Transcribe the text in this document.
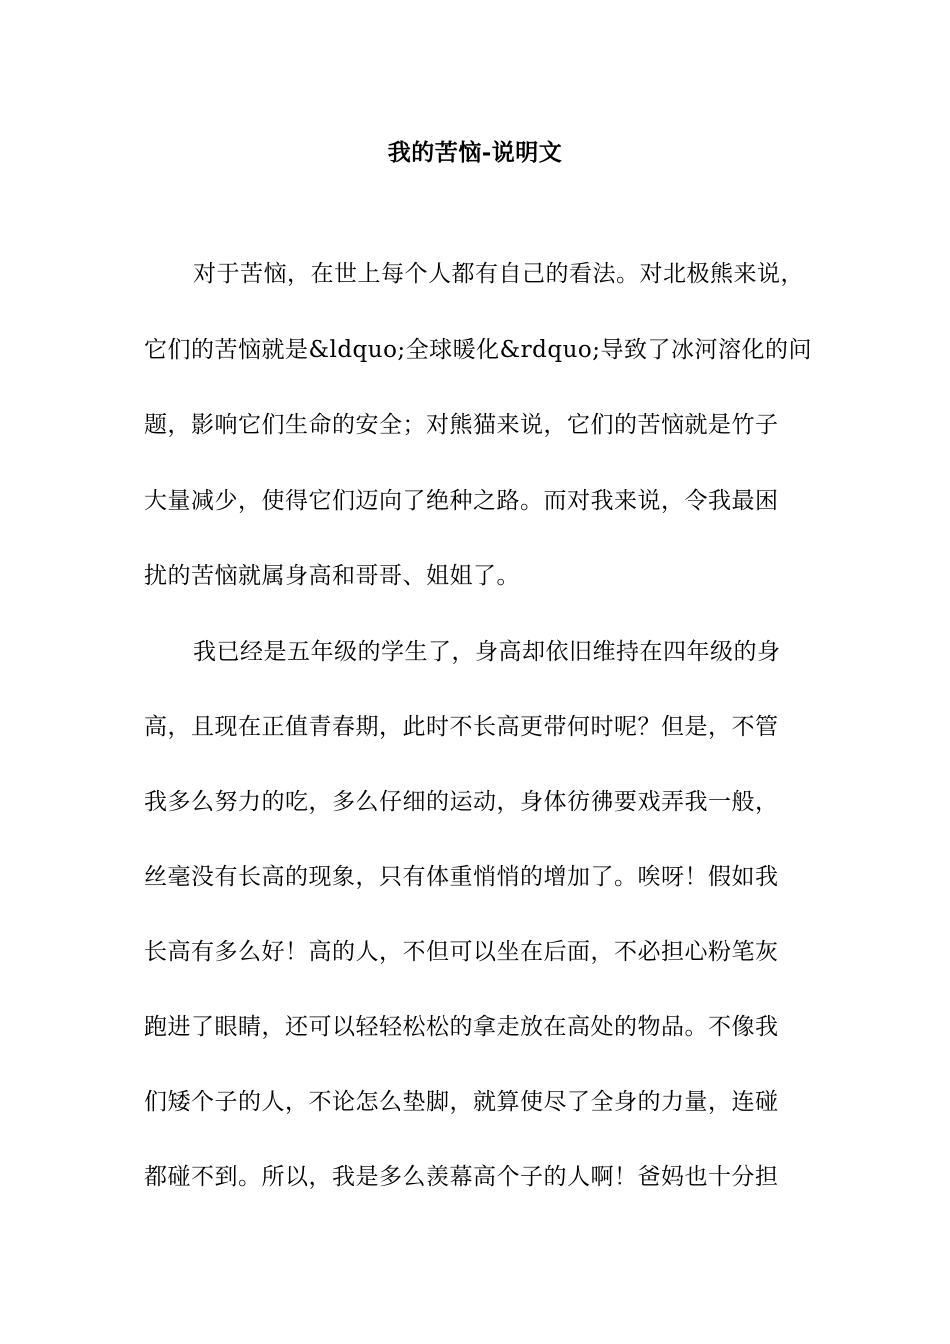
我的苦恼-说明文
对于苦恼，在世上每个人都有自己的看法。对北极熊来说，
它们的苦恼就是&ldquo;全球暖化&rdquo;导致了冰河溶化的问
题，影响它们生命的安全；对熊猫来说，它们的苦恼就是竹子
大量减少，使得它们迈向了绝种之路。而对我来说，令我最困
扰的苦恼就属身高和哥哥、姐姐了。
我已经是五年级的学生了，身高却依旧维持在四年级的身
高，且现在正值青春期，此时不长高更带何时呢？但是，不管
我多么努力的吃，多么仔细的运动，身体彷彿要戏弄我一般，
丝毫没有长高的现象，只有体重悄悄的增加了。唉呀！假如我
长高有多么好！高的人，不但可以坐在后面，不必担心粉笔灰
跑进了眼睛，还可以轻轻松松的拿走放在高处的物品。不像我
们矮个子的人，不论怎么垫脚，就算使尽了全身的力量，连碰
都碰不到。所以，我是多么羡幕高个子的人啊！爸妈也十分担
